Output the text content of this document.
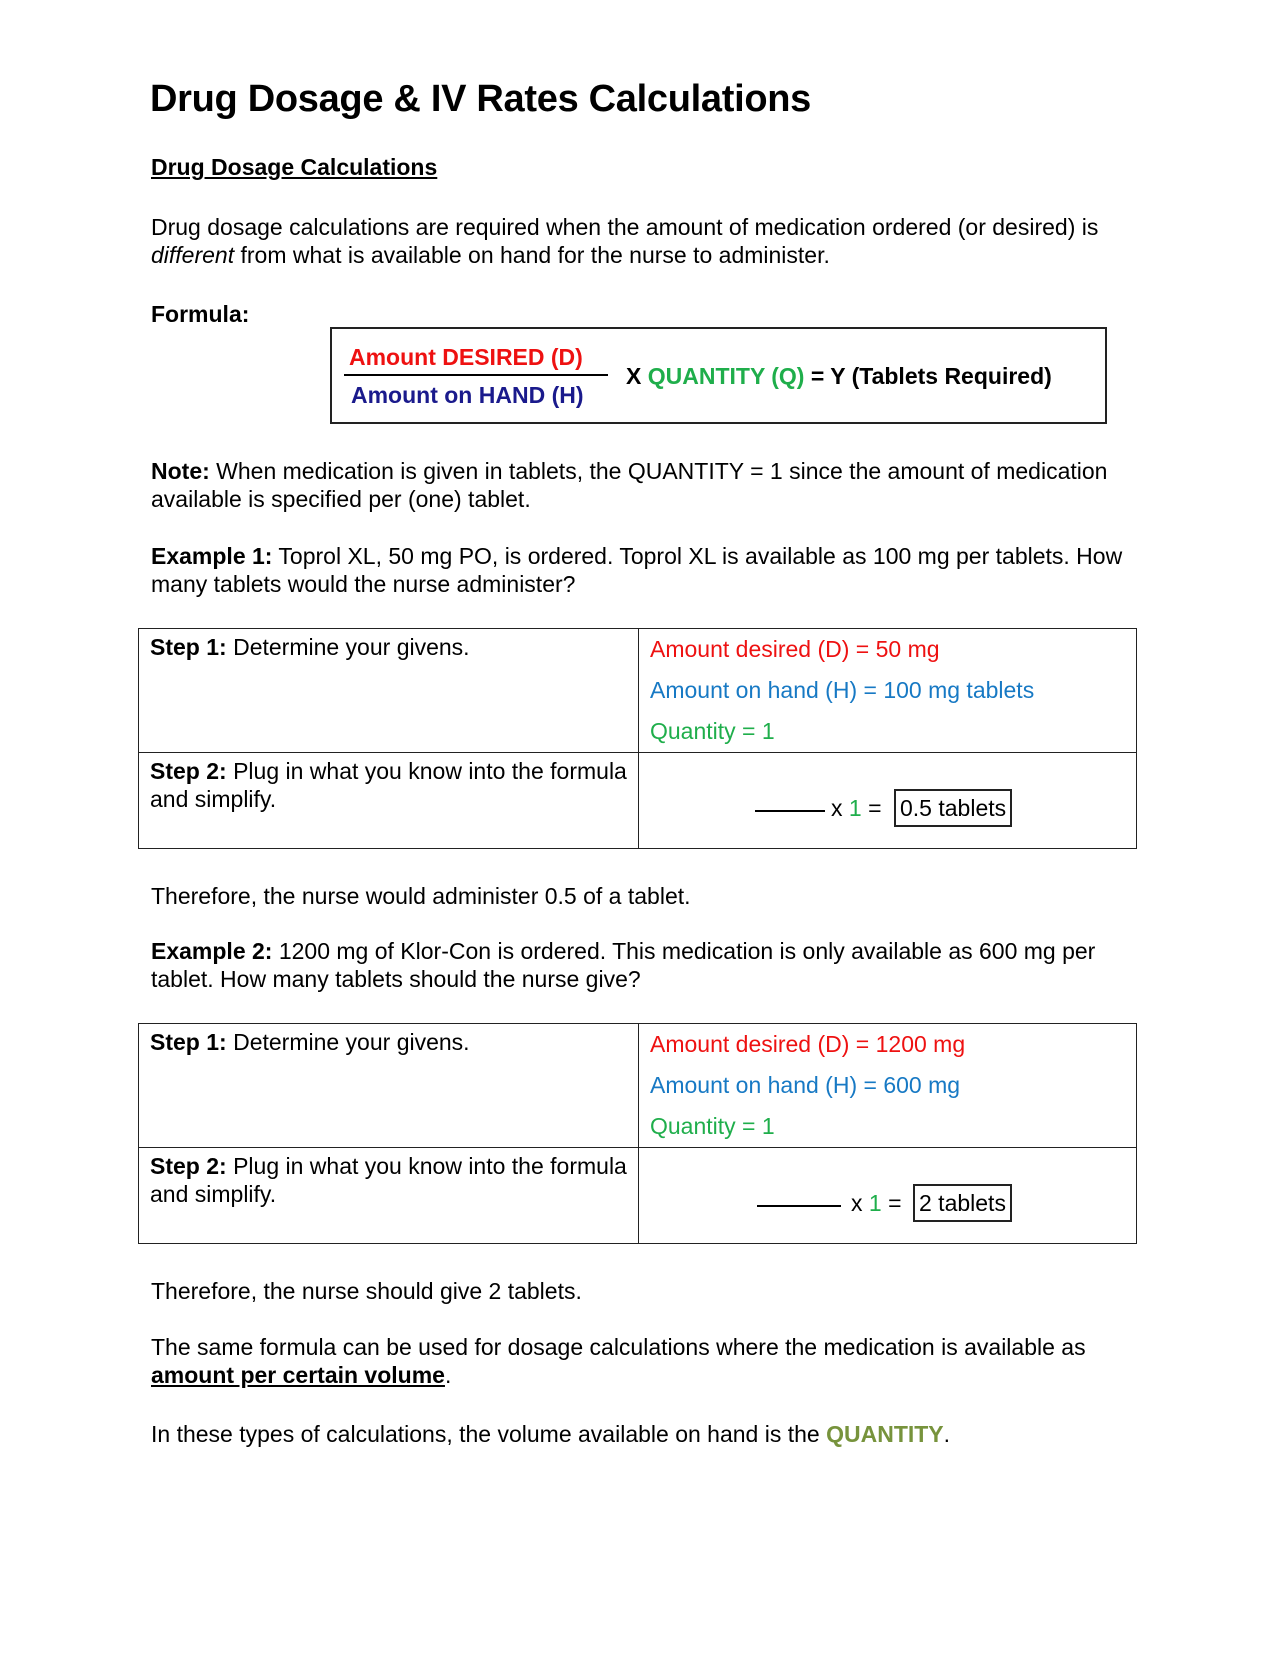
Drug Dosage & IV Rates Calculations
Drug Dosage Calculations
Drug dosage calculations are required when the amount of medication ordered (or desired) is different from what is available on hand for the nurse to administer.
Formula:
Amount DESIRED (D)
Amount on HAND (H)
X QUANTITY (Q) = Y (Tablets Required)
Note: When medication is given in tablets, the QUANTITY = 1 since the amount of medication available is specified per (one) tablet.
Example 1: Toprol XL, 50 mg PO, is ordered. Toprol XL is available as 100 mg per tablets. How many tablets would the nurse administer?
Step 1: Determine your givens.	Amount desired (D) = 50 mg
Amount on hand (H) = 100 mg tablets
Quantity = 1

Step 2: Plug in what you know into the formula and simplify.	x 1 = 0.5 tablets
Therefore, the nurse would administer 0.5 of a tablet.
Example 2: 1200 mg of Klor-Con is ordered. This medication is only available as 600 mg per tablet. How many tablets should the nurse give?
Step 1: Determine your givens.	Amount desired (D) = 1200 mg
Amount on hand (H) = 600 mg
Quantity = 1

Step 2: Plug in what you know into the formula and simplify.	x 1 = 2 tablets
Therefore, the nurse should give 2 tablets.
The same formula can be used for dosage calculations where the medication is available as amount per certain volume.
In these types of calculations, the volume available on hand is the QUANTITY.
